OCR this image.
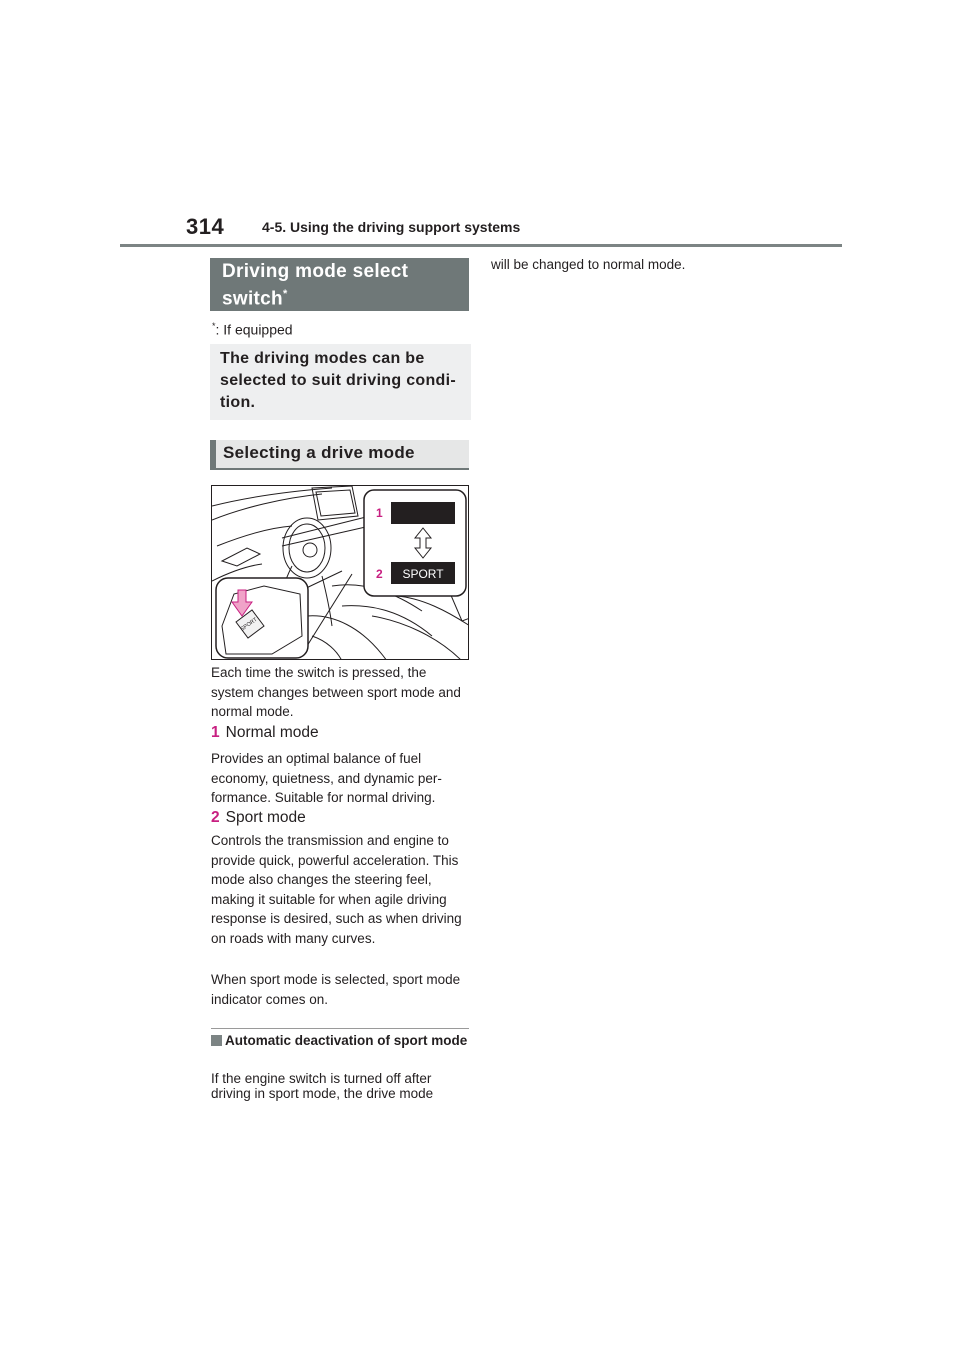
314	4-5. Using the driving support systems
Driving mode select switch*
*: If equipped
The driving modes can be selected to suit driving condi-tion.
Selecting a drive mode
SPORT
1
2
SPORT
Each time the switch is pressed, the system changes between sport mode and normal mode.
1 Normal mode
Provides an optimal balance of fuel economy, quietness, and dynamic per-formance. Suitable for normal driving.
2 Sport mode
Controls the transmission and engine to provide quick, powerful acceleration. This mode also changes the steering feel, making it suitable for when agile driving response is desired, such as when driving on roads with many curves.
When sport mode is selected, sport mode indicator comes on.
Automatic deactivation of sport mode
If the engine switch is turned off after driving in sport mode, the drive mode
will be changed to normal mode.
